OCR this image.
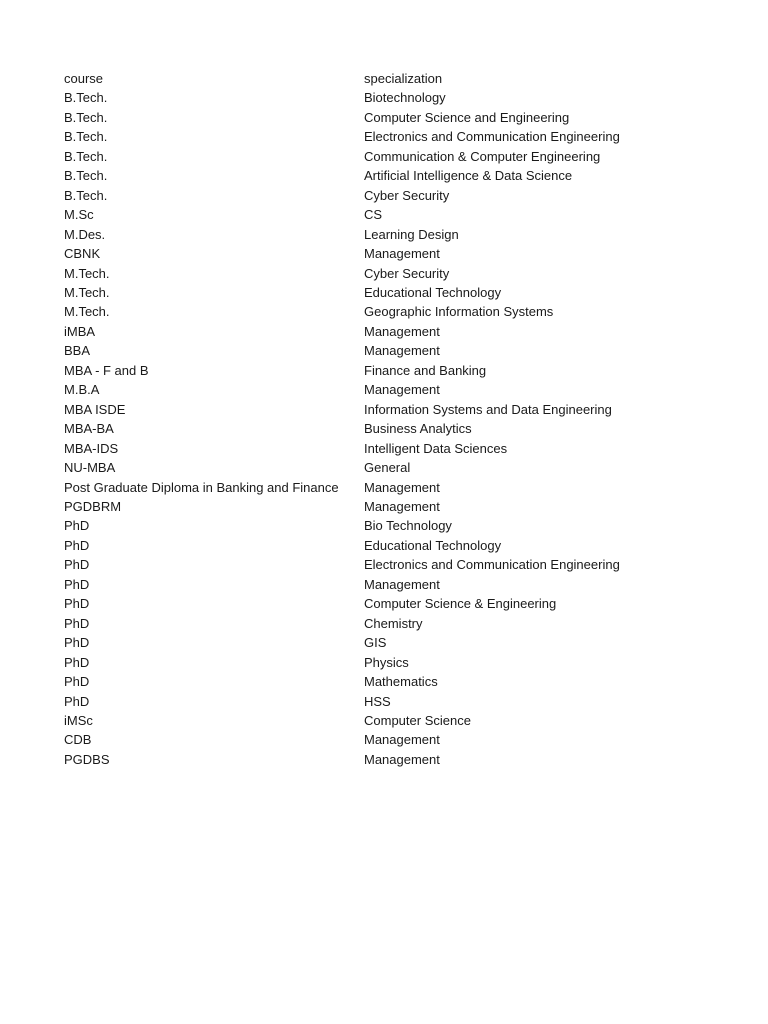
course	specialization
B.Tech.	Biotechnology
B.Tech.	Computer Science and Engineering
B.Tech.	Electronics and Communication Engineering
B.Tech.	Communication & Computer Engineering
B.Tech.	Artificial Intelligence & Data Science
B.Tech.	Cyber Security
M.Sc	CS
M.Des.	Learning Design
CBNK	Management
M.Tech.	Cyber Security
M.Tech.	Educational Technology
M.Tech.	Geographic Information Systems
iMBA	Management
BBA	Management
MBA - F and B	Finance and Banking
M.B.A	Management
MBA ISDE	Information Systems and Data Engineering
MBA-BA	Business Analytics
MBA-IDS	Intelligent Data Sciences
NU-MBA	General
Post Graduate Diploma in Banking and Finance	Management
PGDBRM	Management
PhD	Bio Technology
PhD	Educational Technology
PhD	Electronics and Communication Engineering
PhD	Management
PhD	Computer Science & Engineering
PhD	Chemistry
PhD	GIS
PhD	Physics
PhD	Mathematics
PhD	HSS
iMSc	Computer Science
CDB	Management
PGDBS	Management
